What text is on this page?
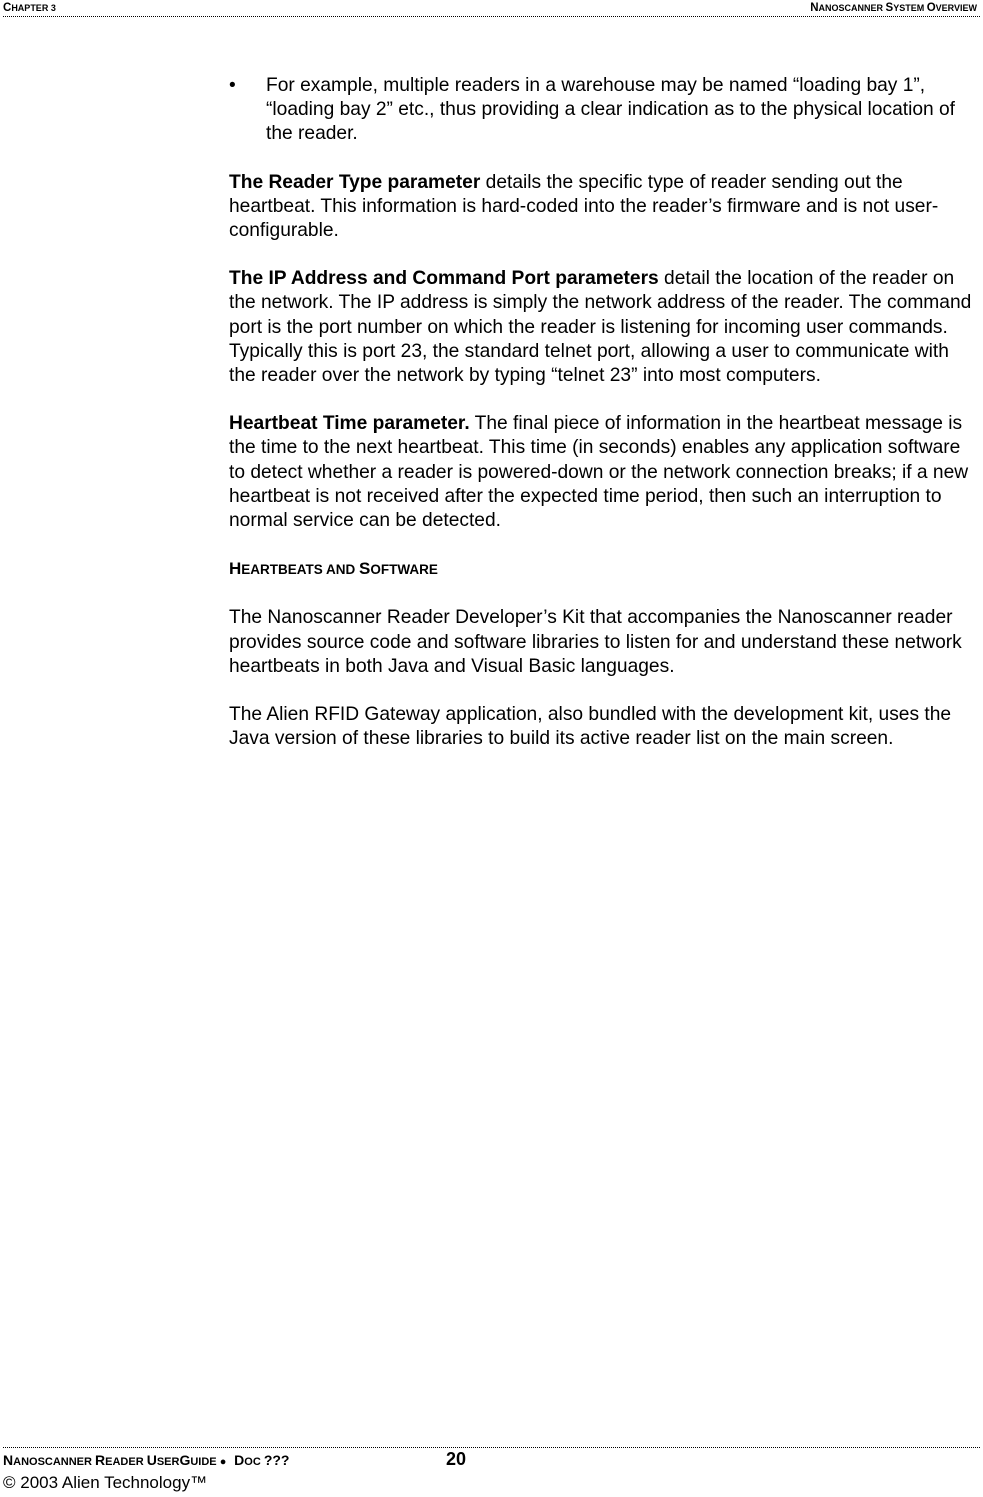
CHAPTER 3	NANOSCANNER SYSTEM OVERVIEW
• For example, multiple readers in a warehouse may be named “loading bay 1”, “loading bay 2” etc., thus providing a clear indication as to the physical location of the reader.

The Reader Type parameter details the specific type of reader sending out the heartbeat. This information is hard-coded into the reader’s firmware and is not user-configurable.

The IP Address and Command Port parameters detail the location of the reader on the network. The IP address is simply the network address of the reader. The command port is the port number on which the reader is listening for incoming user commands. Typically this is port 23, the standard telnet port, allowing a user to communicate with the reader over the network by typing “telnet 23” into most computers.

Heartbeat Time parameter. The final piece of information in the heartbeat message is the time to the next heartbeat. This time (in seconds) enables any application software to detect whether a reader is powered-down or the network connection breaks; if a new heartbeat is not received after the expected time period, then such an interruption to normal service can be detected.

HEARTBEATS AND SOFTWARE

The Nanoscanner Reader Developer’s Kit that accompanies the Nanoscanner reader provides source code and software libraries to listen for and understand these network heartbeats in both Java and Visual Basic languages.

The Alien RFID Gateway application, also bundled with the development kit, uses the Java version of these libraries to build its active reader list on the main screen.

NANOSCANNER READER USERGUIDE ● DOC ???	20
© 2003 Alien Technology™
